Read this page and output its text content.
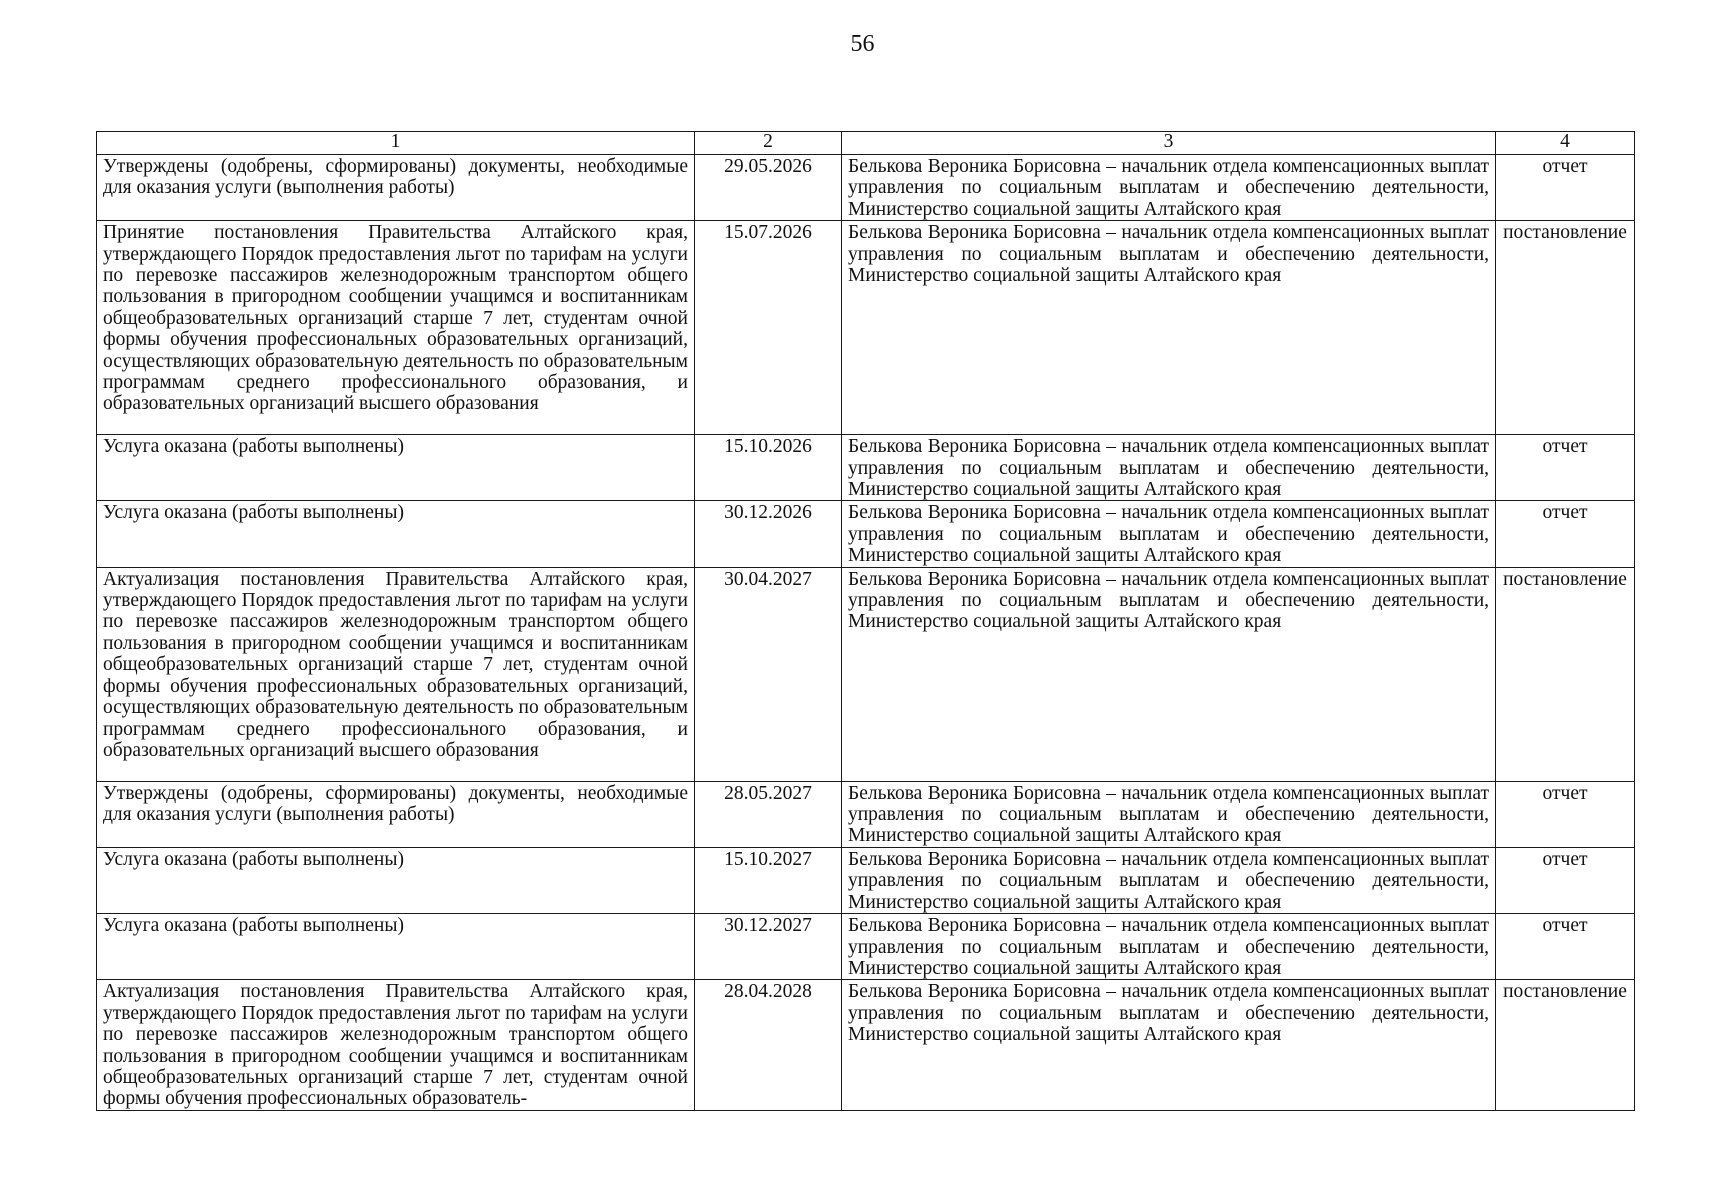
56
1	2	3	4
Утверждены (одобрены, сформированы) документы, необходимые для оказания услуги (выполнения работы)	29.05.2026	Белькова Вероника Борисовна – начальник отдела компенсационных выплат управления по социальным выплатам и обеспечению деятельности, Министерство социальной защиты Алтайского края	отчет
Принятие постановления Правительства Алтайского края, утверждающего Порядок предоставления льгот по тарифам на услуги по перевозке пассажиров железнодорожным транспортом общего пользования в пригородном сообщении учащимся и воспитанникам общеобразовательных организаций старше 7 лет, студентам очной формы обучения профессиональных образовательных организаций, осуществляющих образовательную деятельность по образовательным программам среднего профессионального образования, и образовательных организаций высшего образования	15.07.2026	Белькова Вероника Борисовна – начальник отдела компенсационных выплат управления по социальным выплатам и обеспечению деятельности, Министерство социальной защиты Алтайского края	постановление
Услуга оказана (работы выполнены)	15.10.2026	Белькова Вероника Борисовна – начальник отдела компенсационных выплат управления по социальным выплатам и обеспечению деятельности, Министерство социальной защиты Алтайского края	отчет
Услуга оказана (работы выполнены)	30.12.2026	Белькова Вероника Борисовна – начальник отдела компенсационных выплат управления по социальным выплатам и обеспечению деятельности, Министерство социальной защиты Алтайского края	отчет
Актуализация постановления Правительства Алтайского края, утверждающего Порядок предоставления льгот по тарифам на услуги по перевозке пассажиров железнодорожным транспортом общего пользования в пригородном сообщении учащимся и воспитанникам общеобразовательных организаций старше 7 лет, студентам очной формы обучения профессиональных образовательных организаций, осуществляющих образовательную деятельность по образовательным программам среднего профессионального образования, и образовательных организаций высшего образования	30.04.2027	Белькова Вероника Борисовна – начальник отдела компенсационных выплат управления по социальным выплатам и обеспечению деятельности, Министерство социальной защиты Алтайского края	постановление
Утверждены (одобрены, сформированы) документы, необходимые для оказания услуги (выполнения работы)	28.05.2027	Белькова Вероника Борисовна – начальник отдела компенсационных выплат управления по социальным выплатам и обеспечению деятельности, Министерство социальной защиты Алтайского края	отчет
Услуга оказана (работы выполнены)	15.10.2027	Белькова Вероника Борисовна – начальник отдела компенсационных выплат управления по социальным выплатам и обеспечению деятельности, Министерство социальной защиты Алтайского края	отчет
Услуга оказана (работы выполнены)	30.12.2027	Белькова Вероника Борисовна – начальник отдела компенсационных выплат управления по социальным выплатам и обеспечению деятельности, Министерство социальной защиты Алтайского края	отчет
Актуализация постановления Правительства Алтайского края, утверждающего Порядок предоставления льгот по тарифам на услуги по перевозке пассажиров железнодорожным транспортом общего пользования в пригородном сообщении учащимся и воспитанникам общеобразовательных организаций старше 7 лет, студентам очной формы обучения профессиональных образователь-	28.04.2028	Белькова Вероника Борисовна – начальник отдела компенсационных выплат управления по социальным выплатам и обеспечению деятельности, Министерство социальной защиты Алтайского края	постановление
